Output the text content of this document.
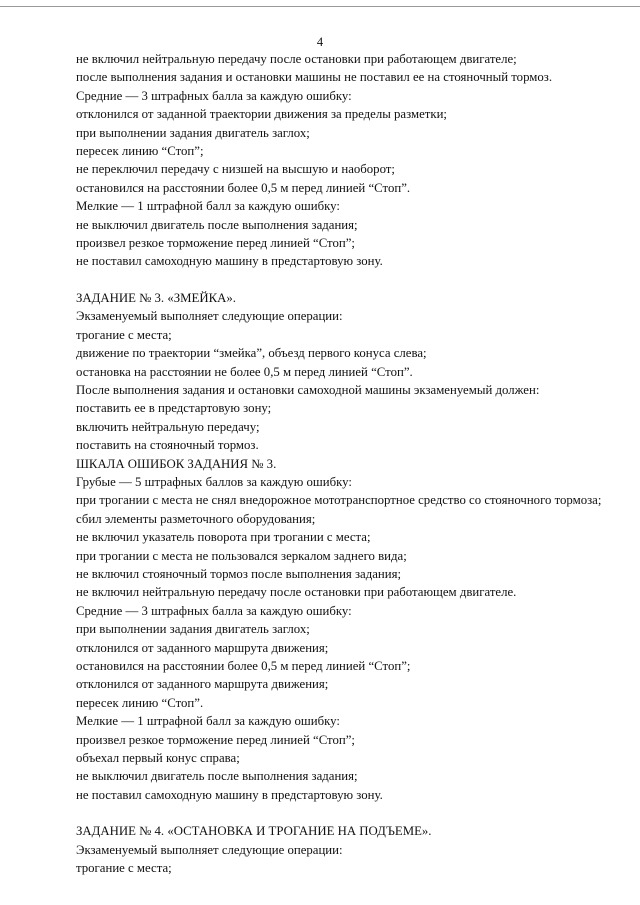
4

не включил нейтральную передачу после остановки при работающем двигателе;

после выполнения задания и остановки машины не поставил ее на стояночный тормоз.

Средние — 3 штрафных балла за каждую ошибку:

отклонился от заданной траектории движения за пределы разметки;

при выполнении задания двигатель заглох;

пересек линию “Стоп”;

не переключил передачу с низшей на высшую и наоборот;

остановился на расстоянии более 0,5 м перед линией “Стоп”.

Мелкие — 1 штрафной балл за каждую ошибку:

не выключил двигатель после выполнения задания;

произвел резкое торможение перед линией “Стоп”;

не поставил самоходную машину в предстартовую зону.

ЗАДАНИЕ № 3. «ЗМЕЙКА».

Экзаменуемый выполняет следующие операции:

трогание с места;

движение по траектории “змейка”, объезд первого конуса слева;

остановка на расстоянии не более 0,5 м перед линией “Стоп”.

После выполнения задания и остановки самоходной машины экзаменуемый должен:

поставить ее в предстартовую зону;

включить нейтральную передачу;

поставить на стояночный тормоз.

ШКАЛА ОШИБОК ЗАДАНИЯ № 3.

Грубые — 5 штрафных баллов за каждую ошибку:

при трогании с места не снял внедорожное мототранспортное средство со стояночного тормоза;

сбил элементы разметочного оборудования;

не включил указатель поворота при трогании с места;

при трогании с места не пользовался зеркалом заднего вида;

не включил стояночный тормоз после выполнения задания;

не включил нейтральную передачу после остановки при работающем двигателе.

Средние — 3 штрафных балла за каждую ошибку:

при выполнении задания двигатель заглох;

отклонился от заданного маршрута движения;

остановился на расстоянии более 0,5 м перед линией “Стоп”;

отклонился от заданного маршрута движения;

пересек линию “Стоп”.

Мелкие — 1 штрафной балл за каждую ошибку:

произвел резкое торможение перед линией “Стоп”;

объехал первый конус справа;

не выключил двигатель после выполнения задания;

не поставил самоходную машину в предстартовую зону.

ЗАДАНИЕ № 4. «ОСТАНОВКА И ТРОГАНИЕ НА ПОДЪЕМЕ».

Экзаменуемый выполняет следующие операции:

трогание с места;
